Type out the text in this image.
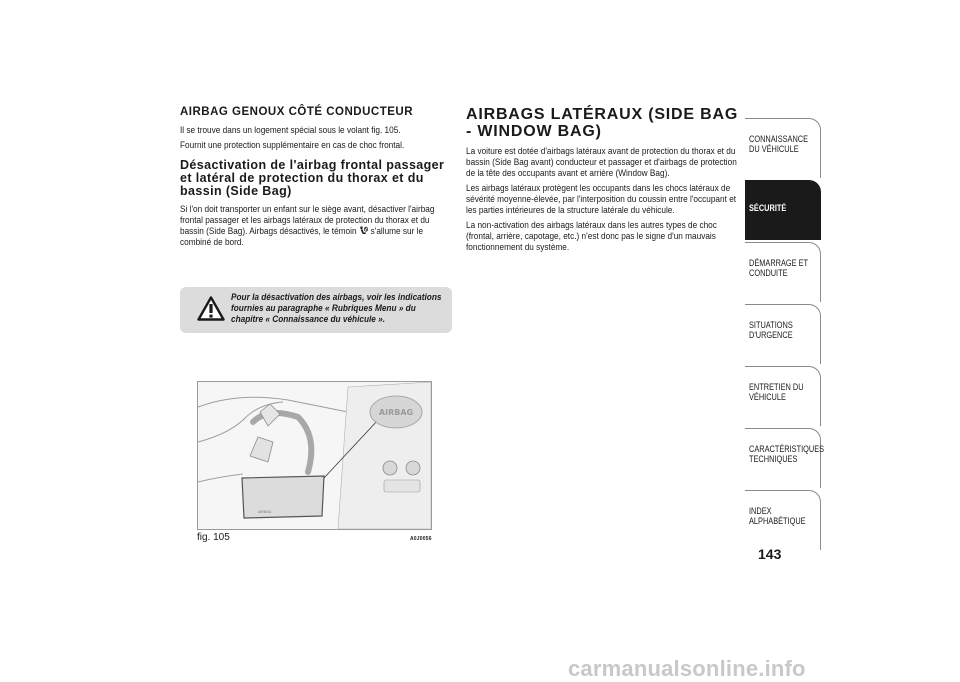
AIRBAG GENOUX CÔTÉ CONDUCTEUR

Il se trouve dans un logement spécial sous le volant fig. 105.

Fournit une protection supplémentaire en cas de choc frontal.

Désactivation de l'airbag frontal passager et latéral de protection du thorax et du bassin (Side Bag)

Si l'on doit transporter un enfant sur le siège avant, désactiver l'airbag frontal passager et les airbags latéraux de protection du thorax et du bassin (Side Bag). Airbags désactivés, le témoin s'allume sur le combiné de bord.

Pour la désactivation des airbags, voir les indications fournies au paragraphe « Rubriques Menu » du chapitre « Connaissance du véhicule ».
AIRBAG
AIRBAG
fig. 105	A0J0056
AIRBAGS LATÉRAUX (SIDE BAG
- WINDOW BAG)

La voiture est dotée d'airbags latéraux avant de protection du thorax et du bassin (Side Bag avant) conducteur et passager et d'airbags de protection de la tête des occupants avant et arrière (Window Bag).

Les airbags latéraux protègent les occupants dans les chocs latéraux de sévérité moyenne-élevée, par l'interposition du coussin entre l'occupant et les parties intérieures de la structure latérale du véhicule.

La non-activation des airbags latéraux dans les autres types de choc (frontal, arrière, capotage, etc.) n'est donc pas le signe d'un mauvais fonctionnement du système.

CONNAISSANCE DU VÉHICULE
SÉCURITÉ
DÉMARRAGE ET CONDUITE
SITUATIONS D'URGENCE
ENTRETIEN DU VÉHICULE
CARACTÉRISTIQUES TECHNIQUES
INDEX ALPHABÉTIQUE
143
carmanualsonline.info
